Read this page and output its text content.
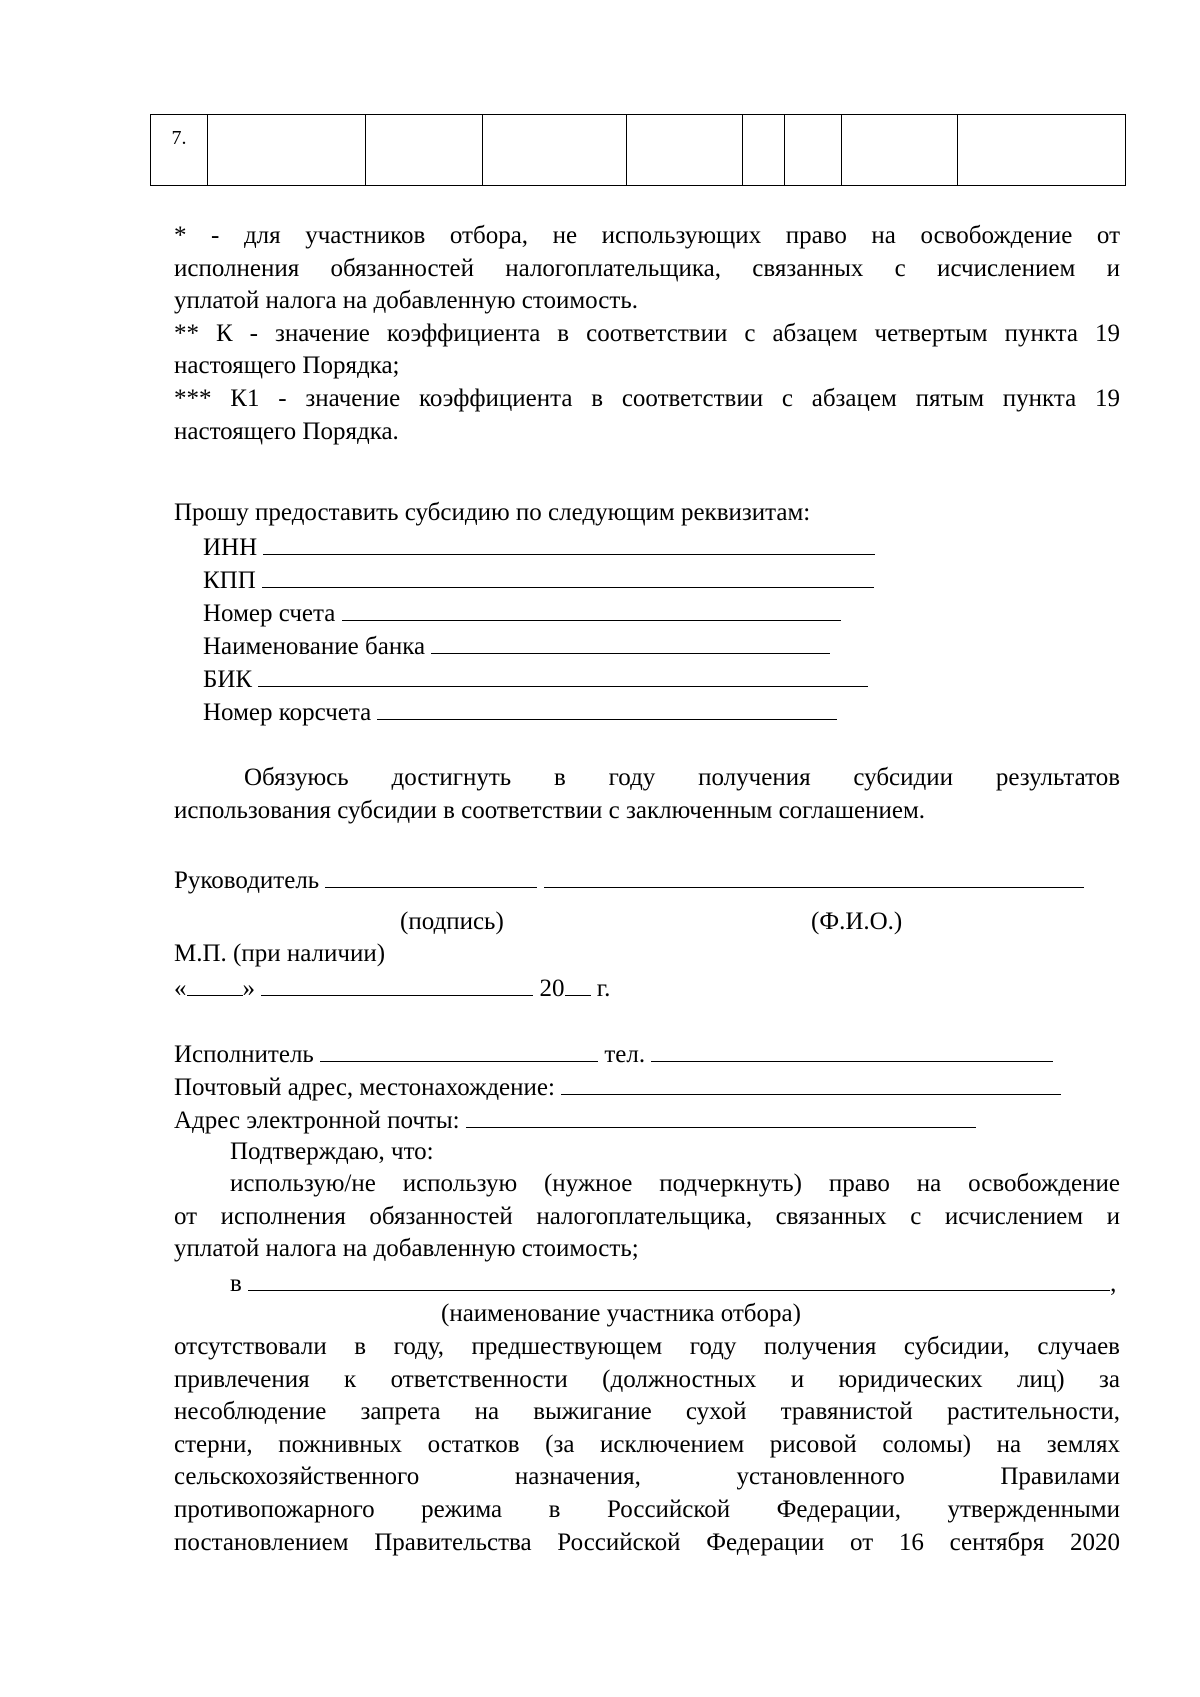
7.								
* - для участников отбора, не использующих право на освобождение от
исполнения обязанностей налогоплательщика, связанных с исчислением и
уплатой налога на добавленную стоимость.
** К - значение коэффициента в соответствии с абзацем четвертым пункта 19
настоящего Порядка;
*** К1 - значение коэффициента в соответствии с абзацем пятым пункта 19
настоящего Порядка.
Прошу предоставить субсидию по следующим реквизитам:
ИНН
КПП
Номер счета
Наименование банка
БИК
Номер корсчета
Обязуюсь достигнуть в году получения субсидии результатов
использования субсидии в соответствии с заключенным соглашением.
Руководитель
(подпись)	(Ф.И.О.)
М.П. (при наличии)
« »	20 г.
Исполнитель	тел.
Почтовый адрес, местонахождение:
Адрес электронной почты:
Подтверждаю, что:
использую/не использую (нужное подчеркнуть) право на освобождение
от исполнения обязанностей налогоплательщика, связанных с исчислением и
уплатой налога на добавленную стоимость;
в	,
(наименование участника отбора)
отсутствовали в году, предшествующем году получения субсидии, случаев
привлечения к ответственности (должностных и юридических лиц) за
несоблюдение запрета на выжигание сухой травянистой растительности,
стерни, пожнивных остатков (за исключением рисовой соломы) на землях
сельскохозяйственного назначения, установленного Правилами
противопожарного режима в Российской Федерации, утвержденными
постановлением Правительства Российской Федерации от 16 сентября 2020
